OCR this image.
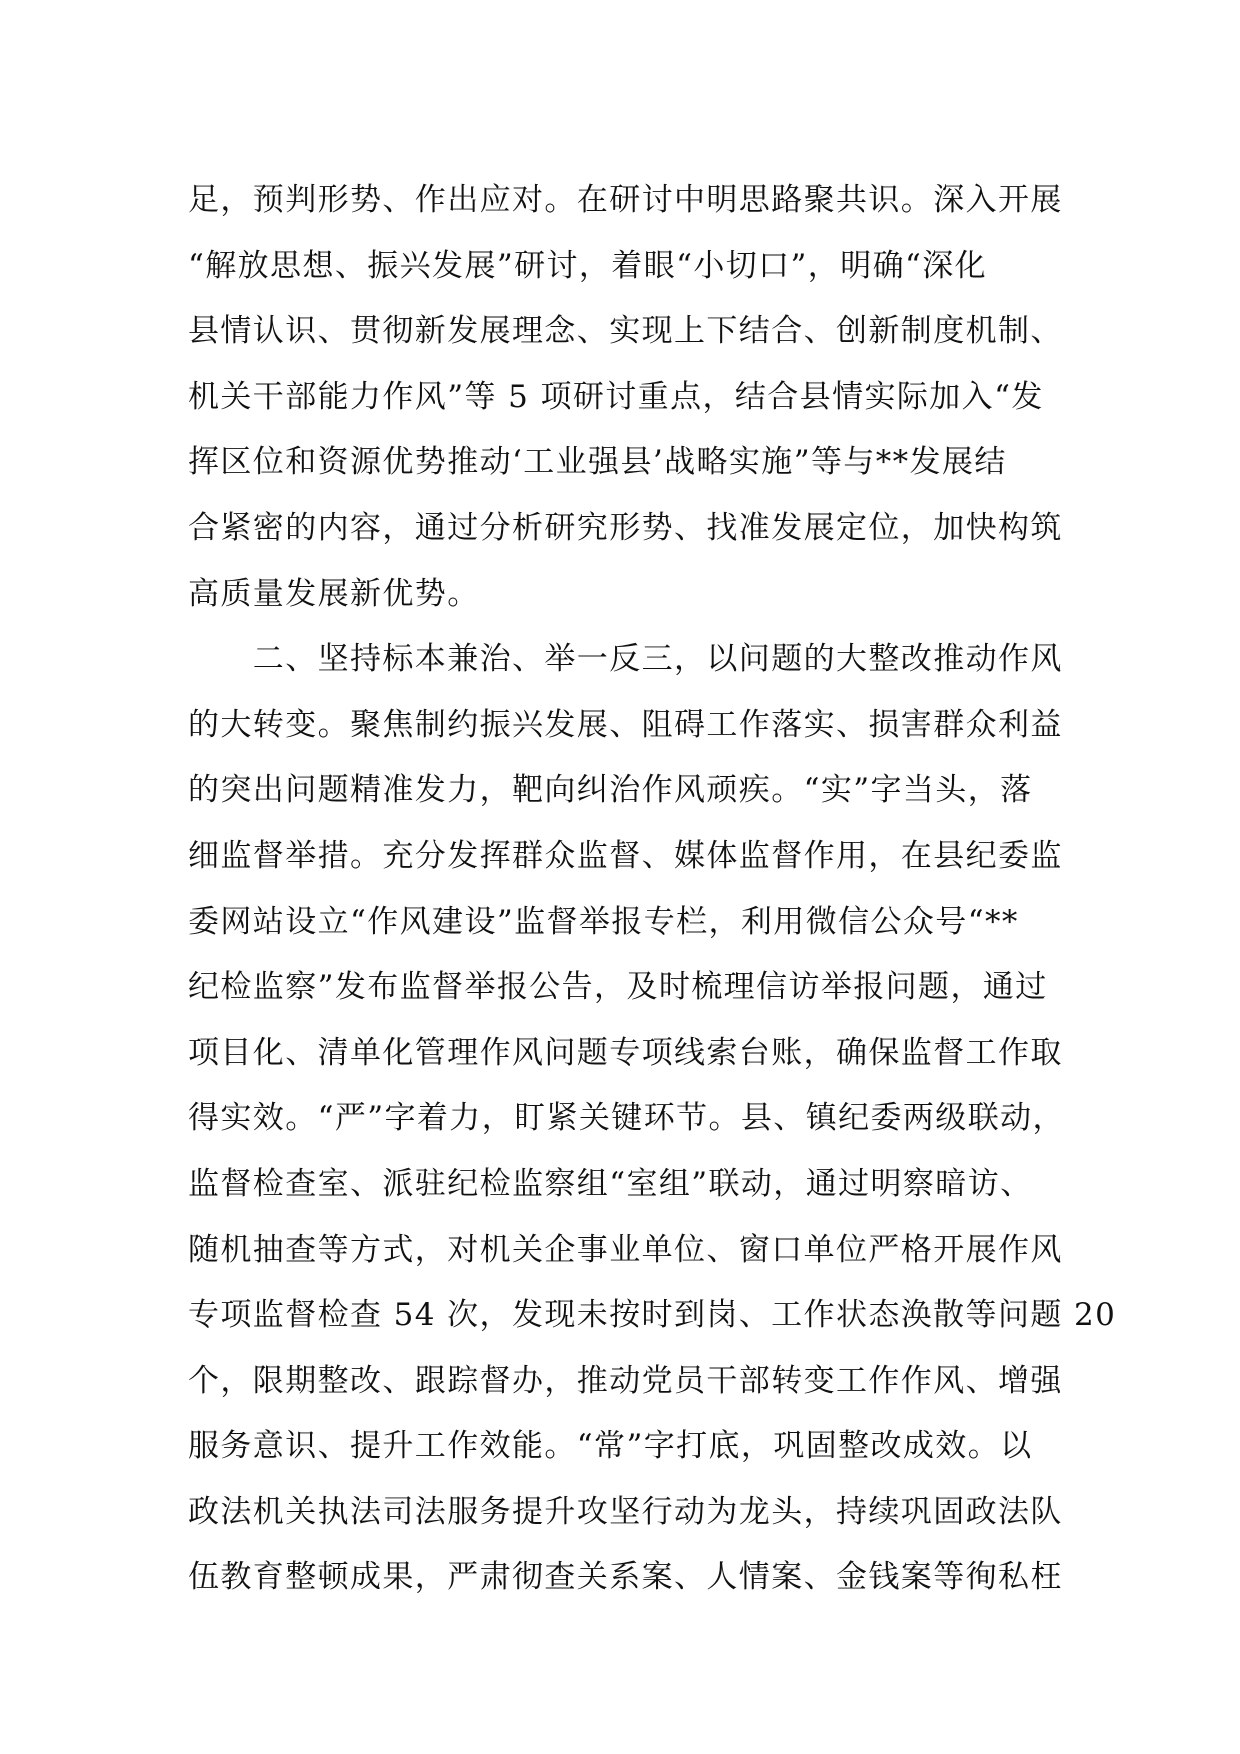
足，预判形势、作出应对。在研讨中明思路聚共识。深入开展
“解放思想、振兴发展”研讨，着眼“小切口”，明确“深化
县情认识、贯彻新发展理念、实现上下结合、创新制度机制、
机关干部能力作风”等 5 项研讨重点，结合县情实际加入“发
挥区位和资源优势推动‘工业强县’战略实施”等与**发展结
合紧密的内容，通过分析研究形势、找准发展定位，加快构筑
高质量发展新优势。
　　二、坚持标本兼治、举一反三，以问题的大整改推动作风
的大转变。聚焦制约振兴发展、阻碍工作落实、损害群众利益
的突出问题精准发力，靶向纠治作风顽疾。“实”字当头，落
细监督举措。充分发挥群众监督、媒体监督作用，在县纪委监
委网站设立“作风建设”监督举报专栏，利用微信公众号“**
纪检监察”发布监督举报公告，及时梳理信访举报问题，通过
项目化、清单化管理作风问题专项线索台账，确保监督工作取
得实效。“严”字着力，盯紧关键环节。县、镇纪委两级联动，
监督检查室、派驻纪检监察组“室组”联动，通过明察暗访、
随机抽查等方式，对机关企事业单位、窗口单位严格开展作风
专项监督检查 54 次，发现未按时到岗、工作状态涣散等问题 20
个，限期整改、跟踪督办，推动党员干部转变工作作风、增强
服务意识、提升工作效能。“常”字打底，巩固整改成效。以
政法机关执法司法服务提升攻坚行动为龙头，持续巩固政法队
伍教育整顿成果，严肃彻查关系案、人情案、金钱案等徇私枉
